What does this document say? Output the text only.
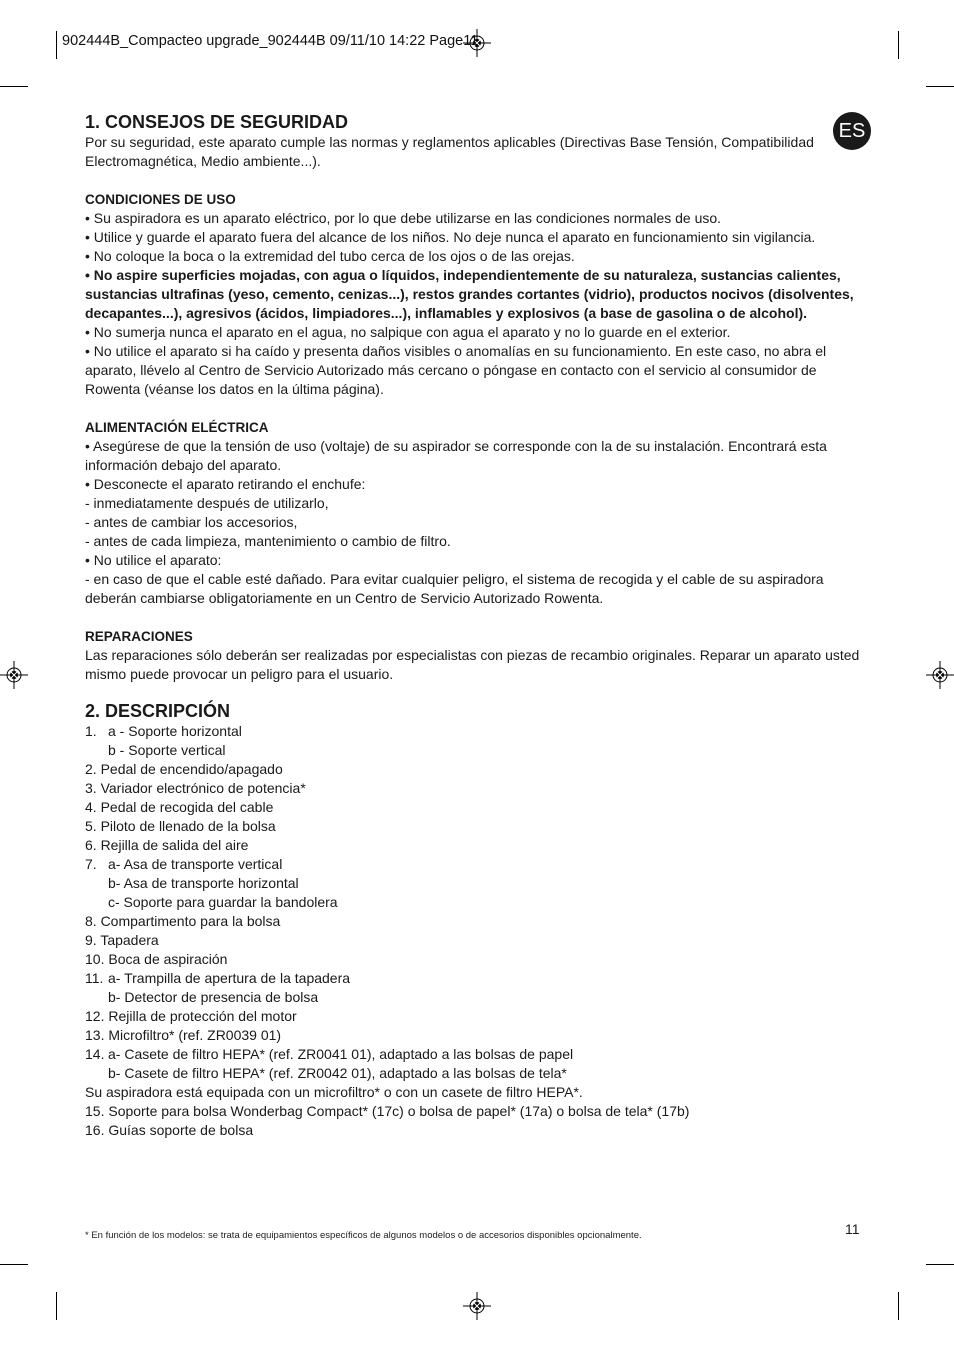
902444B_Compacteo upgrade_902444B 09/11/10 14:22 Page11
ES
1. CONSEJOS DE SEGURIDAD

Por su seguridad, este aparato cumple las normas y reglamentos aplicables (Directivas Base Tensión, Compatibilidad Electromagnética, Medio ambiente...).

CONDICIONES DE USO

• Su aspiradora es un aparato eléctrico, por lo que debe utilizarse en las condiciones normales de uso.

• Utilice y guarde el aparato fuera del alcance de los niños. No deje nunca el aparato en funcionamiento sin vigilancia.

• No coloque la boca o la extremidad del tubo cerca de los ojos o de las orejas.

• No aspire superficies mojadas, con agua o líquidos, independientemente de su naturaleza, sustancias calientes, sustancias ultrafinas (yeso, cemento, cenizas...), restos grandes cortantes (vidrio), productos nocivos (disolventes, decapantes...), agresivos (ácidos, limpiadores...), inflamables y explosivos (a base de gasolina o de alcohol).

• No sumerja nunca el aparato en el agua, no salpique con agua el aparato y no lo guarde en el exterior.

• No utilice el aparato si ha caído y presenta daños visibles o anomalías en su funcionamiento. En este caso, no abra el aparato, llévelo al Centro de Servicio Autorizado más cercano o póngase en contacto con el servicio al consumidor de Rowenta (véanse los datos en la última página).

ALIMENTACIÓN ELÉCTRICA

• Asegúrese de que la tensión de uso (voltaje) de su aspirador se corresponde con la de su instalación. Encontrará esta información debajo del aparato.

• Desconecte el aparato retirando el enchufe:

- inmediatamente después de utilizarlo,

- antes de cambiar los accesorios,

- antes de cada limpieza, mantenimiento o cambio de filtro.

• No utilice el aparato:

- en caso de que el cable esté dañado. Para evitar cualquier peligro, el sistema de recogida y el cable de su aspiradora deberán cambiarse obligatoriamente en un Centro de Servicio Autorizado Rowenta.

REPARACIONES

Las reparaciones sólo deberán ser realizadas por especialistas con piezas de recambio originales. Reparar un aparato usted mismo puede provocar un peligro para el usuario.

2. DESCRIPCIÓN
1. a - Soporte horizontal
b - Soporte vertical
2. Pedal de encendido/apagado
3. Variador electrónico de potencia*
4. Pedal de recogida del cable
5. Piloto de llenado de la bolsa
6. Rejilla de salida del aire
7. a- Asa de transporte vertical
b- Asa de transporte horizontal
c- Soporte para guardar la bandolera
8. Compartimento para la bolsa
9. Tapadera
10. Boca de aspiración
11. a- Trampilla de apertura de la tapadera
b- Detector de presencia de bolsa
12. Rejilla de protección del motor
13. Microfiltro* (ref. ZR0039 01)
14. a- Casete de filtro HEPA* (ref. ZR0041 01), adaptado a las bolsas de papel
b- Casete de filtro HEPA* (ref. ZR0042 01), adaptado a las bolsas de tela*
Su aspiradora está equipada con un microfiltro* o con un casete de filtro HEPA*.
15. Soporte para bolsa Wonderbag Compact* (17c) o bolsa de papel* (17a) o bolsa de tela* (17b)
16. Guías soporte de bolsa
* En función de los modelos: se trata de equipamientos específicos de algunos modelos o de accesorios disponibles opcionalmente.	11
